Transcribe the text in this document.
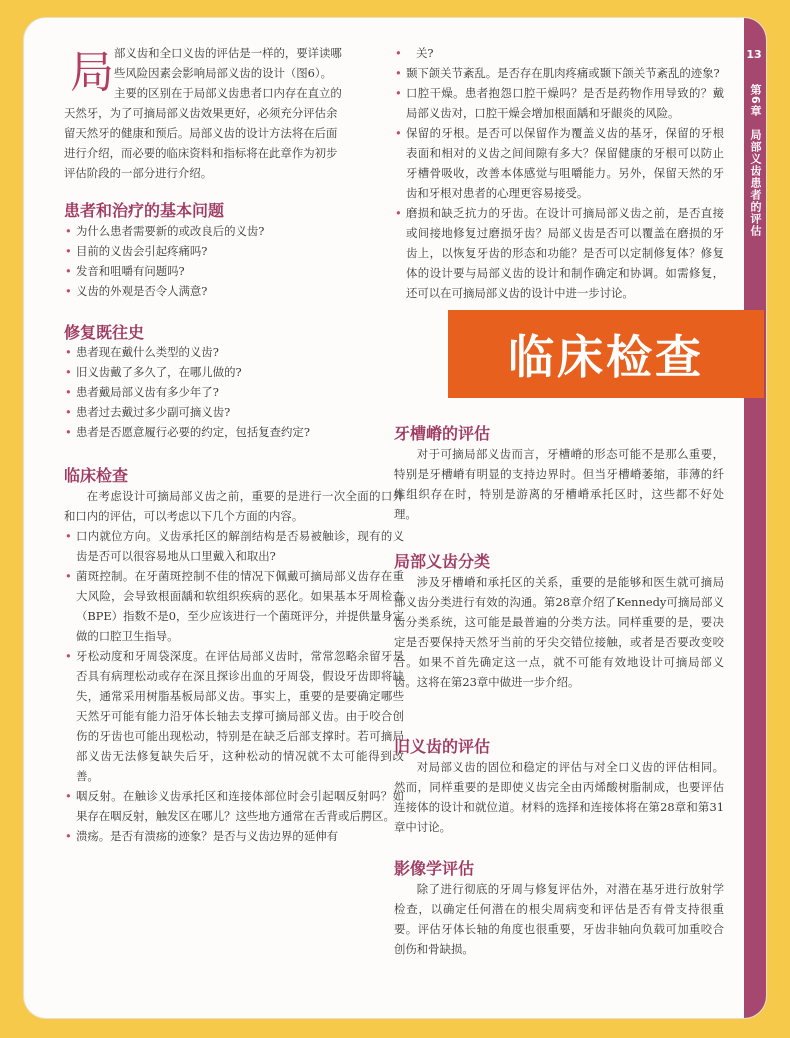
局 部义齿和全口义齿的评估是一样的，要详读哪
些风险因素会影响局部义齿的设计（图6）。
主要的区别在于局部义齿患者口内存在直立的
天然牙，为了可摘局部义齿效果更好，必须充分评估余
留天然牙的健康和预后。局部义齿的设计方法将在后面
进行介绍，而必要的临床资料和指标将在此章作为初步
评估阶段的一部分进行介绍。
患者和治疗的基本问题

• 为什么患者需要新的或改良后的义齿?

• 目前的义齿会引起疼痛吗?

• 发音和咀嚼有问题吗?

• 义齿的外观是否令人满意?

修复既往史

• 患者现在戴什么类型的义齿?

• 旧义齿戴了多久了，在哪儿做的?

• 患者戴局部义齿有多少年了?

• 患者过去戴过多少副可摘义齿?

• 患者是否愿意履行必要的约定，包括复查约定?

临床检查

在考虑设计可摘局部义齿之前，重要的是进行一次全面的口外和口内的评估，可以考虑以下几个方面的内容。

• 口内就位方向。义齿承托区的解剖结构是否易被触诊，现有的义齿是否可以很容易地从口里戴入和取出?

• 菌斑控制。在牙菌斑控制不佳的情况下佩戴可摘局部义齿存在重大风险，会导致根面龋和软组织疾病的恶化。如果基本牙周检查（BPE）指数不是0，至少应该进行一个菌斑评分，并提供量身定做的口腔卫生指导。

• 牙松动度和牙周袋深度。在评估局部义齿时，常常忽略余留牙是否具有病理松动或存在深且探诊出血的牙周袋，假设牙齿即将缺失，通常采用树脂基板局部义齿。事实上，重要的是要确定哪些天然牙可能有能力沿牙体长轴去支撑可摘局部义齿。由于咬合创伤的牙齿也可能出现松动，特别是在缺乏后部支撑时。若可摘局部义齿无法修复缺失后牙，这种松动的情况就不太可能得到改善。

• 咽反射。在触诊义齿承托区和连接体部位时会引起咽反射吗？如果存在咽反射，触发区在哪儿？这些地方通常在舌背或后腭区。

• 溃疡。是否有溃疡的迹象？是否与义齿边界的延伸有

• 关?

• 颞下颌关节紊乱。是否存在肌肉疼痛或颞下颌关节紊乱的迹象?

• 口腔干燥。患者抱怨口腔干燥吗？是否是药物作用导致的？戴局部义齿对，口腔干燥会增加根面龋和牙龈炎的风险。

• 保留的牙根。是否可以保留作为覆盖义齿的基牙，保留的牙根表面和相对的义齿之间间隙有多大？保留健康的牙根可以防止牙槽骨吸收，改善本体感觉与咀嚼能力。另外，保留天然的牙齿和牙根对患者的心理更容易接受。

• 磨损和缺乏抗力的牙齿。在设计可摘局部义齿之前，是否直接或间接地修复过磨损牙齿？局部义齿是否可以覆盖在磨损的牙齿上，以恢复牙齿的形态和功能？是否可以定制修复体？修复体的设计要与局部义齿的设计和制作确定和协调。如需修复，还可以在可摘局部义齿的设计中进一步讨论。

牙槽嵴的评估

对于可摘局部义齿而言，牙槽嵴的形态可能不是那么重要，特别是牙槽嵴有明显的支持边界时。但当牙槽嵴萎缩，菲薄的纤维组织存在时，特别是游离的牙槽嵴承托区时，这些都不好处理。

局部义齿分类

涉及牙槽嵴和承托区的关系，重要的是能够和医生就可摘局部义齿分类进行有效的沟通。第28章介绍了Kennedy可摘局部义齿分类系统，这可能是最普遍的分类方法。同样重要的是，要决定是否要保持天然牙当前的牙尖交错位接触，或者是否要改变咬合。如果不首先确定这一点，就不可能有效地设计可摘局部义齿。这将在第23章中做进一步介绍。

旧义齿的评估

对局部义齿的固位和稳定的评估与对全口义齿的评估相同。然而，同样重要的是即使义齿完全由丙烯酸树脂制成，也要评估连接体的设计和就位道。材料的选择和连接体将在第28章和第31章中讨论。

影像学评估

除了进行彻底的牙周与修复评估外，对潜在基牙进行放射学检查，以确定任何潜在的根尖周病变和评估是否有骨支持很重要。评估牙体长轴的角度也很重要，牙齿非轴向负载可加重咬合创伤和骨缺损。

13
第6章　局部义齿患者的评估
临床检查
